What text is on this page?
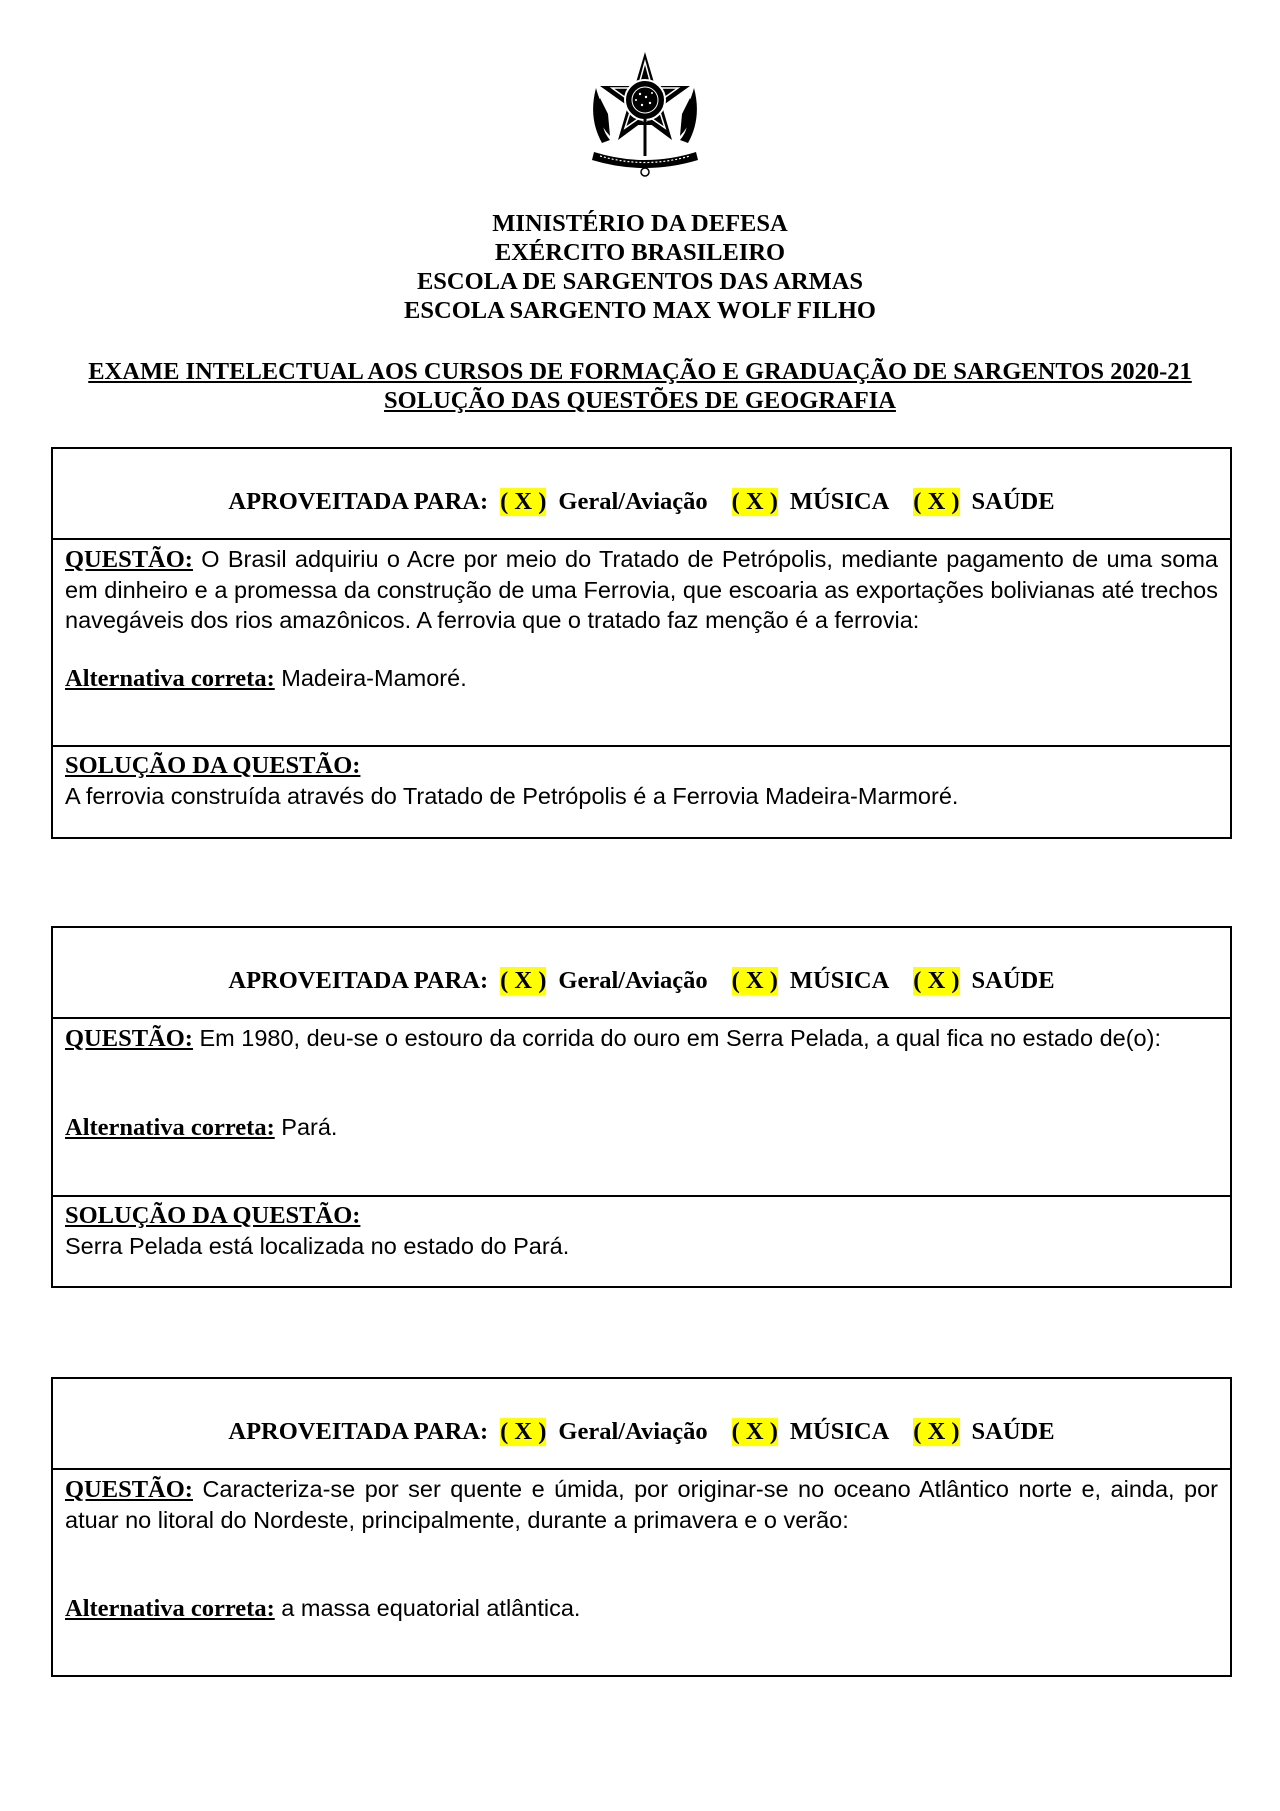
MINISTÉRIO DA DEFESA
EXÉRCITO BRASILEIRO
ESCOLA DE SARGENTOS DAS ARMAS
ESCOLA SARGENTO MAX WOLF FILHO
EXAME INTELECTUAL AOS CURSOS DE FORMAÇÃO E GRADUAÇÃO DE SARGENTOS 2020-21
SOLUÇÃO DAS QUESTÕES DE GEOGRAFIA
APROVEITADA PARA: ( X ) Geral/Aviação ( X ) MÚSICA ( X ) SAÚDE
QUESTÃO: O Brasil adquiriu o Acre por meio do Tratado de Petrópolis, mediante pagamento de uma soma em dinheiro e a promessa da construção de uma Ferrovia, que escoaria as exportações bolivianas até trechos navegáveis dos rios amazônicos. A ferrovia que o tratado faz menção é a ferrovia:
Alternativa correta: Madeira-Mamoré.
SOLUÇÃO DA QUESTÃO:
A ferrovia construída através do Tratado de Petrópolis é a Ferrovia Madeira-Marmoré.
APROVEITADA PARA: ( X ) Geral/Aviação ( X ) MÚSICA ( X ) SAÚDE
QUESTÃO: Em 1980, deu-se o estouro da corrida do ouro em Serra Pelada, a qual fica no estado de(o):
Alternativa correta: Pará.
SOLUÇÃO DA QUESTÃO:
Serra Pelada está localizada no estado do Pará.
APROVEITADA PARA: ( X ) Geral/Aviação ( X ) MÚSICA ( X ) SAÚDE
QUESTÃO: Caracteriza-se por ser quente e úmida, por originar-se no oceano Atlântico norte e, ainda, por atuar no litoral do Nordeste, principalmente, durante a primavera e o verão:
Alternativa correta: a massa equatorial atlântica.
